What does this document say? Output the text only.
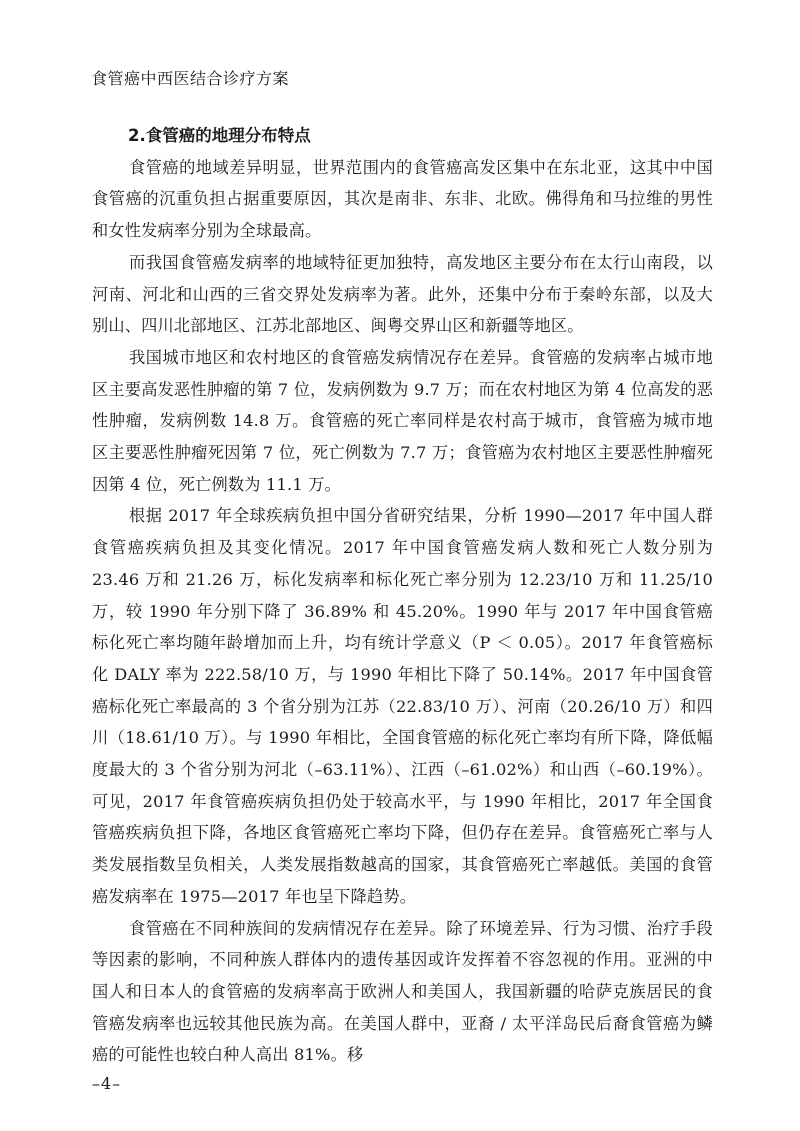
食管癌中西医结合诊疗方案
2.食管癌的地理分布特点

食管癌的地域差异明显，世界范围内的食管癌高发区集中在东北亚，这其中中国食管癌的沉重负担占据重要原因，其次是南非、东非、北欧。佛得角和马拉维的男性和女性发病率分别为全球最高。

而我国食管癌发病率的地域特征更加独特，高发地区主要分布在太行山南段，以河南、河北和山西的三省交界处发病率为著。此外，还集中分布于秦岭东部，以及大别山、四川北部地区、江苏北部地区、闽粤交界山区和新疆等地区。

我国城市地区和农村地区的食管癌发病情况存在差异。食管癌的发病率占城市地区主要高发恶性肿瘤的第 7 位，发病例数为 9.7 万；而在农村地区为第 4 位高发的恶性肿瘤，发病例数 14.8 万。食管癌的死亡率同样是农村高于城市，食管癌为城市地区主要恶性肿瘤死因第 7 位，死亡例数为 7.7 万；食管癌为农村地区主要恶性肿瘤死因第 4 位，死亡例数为 11.1 万。

根据 2017 年全球疾病负担中国分省研究结果，分析 1990—2017 年中国人群食管癌疾病负担及其变化情况。2017 年中国食管癌发病人数和死亡人数分别为 23.46 万和 21.26 万，标化发病率和标化死亡率分别为 12.23/10 万和 11.25/10 万，较 1990 年分别下降了 36.89% 和 45.20%。1990 年与 2017 年中国食管癌标化死亡率均随年龄增加而上升，均有统计学意义（P ＜ 0.05）。2017 年食管癌标化 DALY 率为 222.58/10 万，与 1990 年相比下降了 50.14%。2017 年中国食管癌标化死亡率最高的 3 个省分别为江苏（22.83/10 万）、河南（20.26/10 万）和四川（18.61/10 万）。与 1990 年相比，全国食管癌的标化死亡率均有所下降，降低幅度最大的 3 个省分别为河北（–63.11%）、江西（–61.02%）和山西（–60.19%）。可见，2017 年食管癌疾病负担仍处于较高水平，与 1990 年相比，2017 年全国食管癌疾病负担下降，各地区食管癌死亡率均下降，但仍存在差异。食管癌死亡率与人类发展指数呈负相关，人类发展指数越高的国家，其食管癌死亡率越低。美国的食管癌发病率在 1975—2017 年也呈下降趋势。

食管癌在不同种族间的发病情况存在差异。除了环境差异、行为习惯、治疗手段等因素的影响，不同种族人群体内的遗传基因或许发挥着不容忽视的作用。亚洲的中国人和日本人的食管癌的发病率高于欧洲人和美国人，我国新疆的哈萨克族居民的食管癌发病率也远较其他民族为高。在美国人群中，亚裔 / 太平洋岛民后裔食管癌为鳞癌的可能性也较白种人高出 81%。移

–4–
